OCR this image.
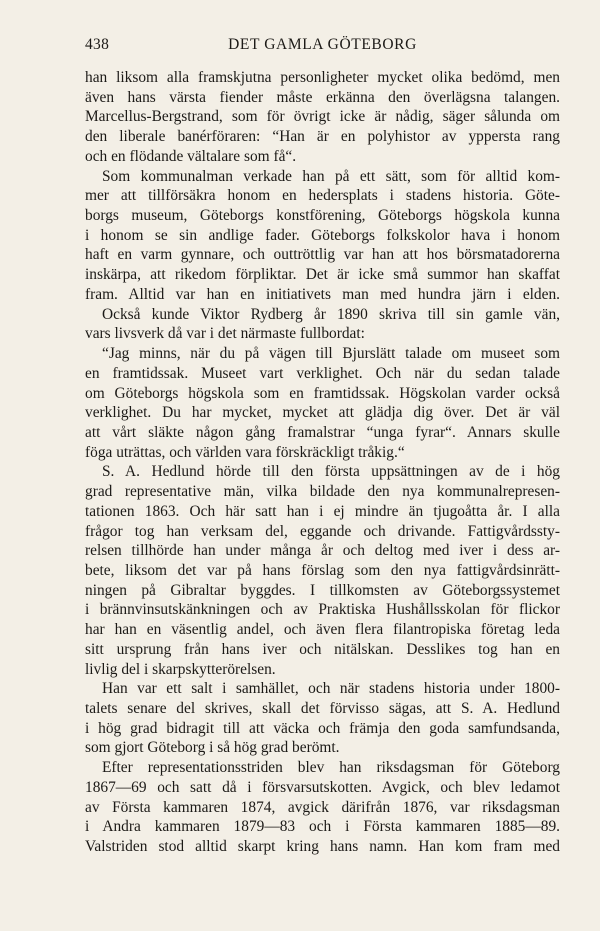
438	DET GAMLA GÖTEBORG
han liksom alla framskjutna personligheter mycket olika bedömd, men
även hans värsta fiender måste erkänna den överlägsna talangen.
Marcellus-Bergstrand, som för övrigt icke är nådig, säger sålunda om
den liberale banérföraren: “Han är en polyhistor av yppersta rang
och en flödande vältalare som få“.
Som kommunalman verkade han på ett sätt, som för alltid kom-
mer att tillförsäkra honom en hedersplats i stadens historia. Göte-
borgs museum, Göteborgs konstförening, Göteborgs högskola kunna
i honom se sin andlige fader. Göteborgs folkskolor hava i honom
haft en varm gynnare, och outtröttlig var han att hos börsmatadorerna
inskärpa, att rikedom förpliktar. Det är icke små summor han skaffat
fram. Alltid var han en initiativets man med hundra järn i elden.
Också kunde Viktor Rydberg år 1890 skriva till sin gamle vän,
vars livsverk då var i det närmaste fullbordat:
“Jag minns, när du på vägen till Bjurslätt talade om museet som
en framtidssak. Museet vart verklighet. Och när du sedan talade
om Göteborgs högskola som en framtidssak. Högskolan varder också
verklighet. Du har mycket, mycket att glädja dig över. Det är väl
att vårt släkte någon gång framalstrar “unga fyrar“. Annars skulle
föga uträttas, och världen vara förskräckligt tråkig.“
S. A. Hedlund hörde till den första uppsättningen av de i hög
grad representative män, vilka bildade den nya kommunalrepresen-
tationen 1863. Och här satt han i ej mindre än tjugoåtta år. I alla
frågor tog han verksam del, eggande och drivande. Fattigvårdssty-
relsen tillhörde han under många år och deltog med iver i dess ar-
bete, liksom det var på hans förslag som den nya fattigvårdsinrätt-
ningen på Gibraltar byggdes. I tillkomsten av Göteborgssystemet
i brännvinsutskänkningen och av Praktiska Hushållsskolan för flickor
har han en väsentlig andel, och även flera filantropiska företag leda
sitt ursprung från hans iver och nitälskan. Desslikes tog han en
livlig del i skarpskytterörelsen.
Han var ett salt i samhället, och när stadens historia under 1800-
talets senare del skrives, skall det förvisso sägas, att S. A. Hedlund
i hög grad bidragit till att väcka och främja den goda samfundsanda,
som gjort Göteborg i så hög grad berömt.
Efter representationsstriden blev han riksdagsman för Göteborg
1867—69 och satt då i försvarsutskotten. Avgick, och blev ledamot
av Första kammaren 1874, avgick därifrån 1876, var riksdagsman
i Andra kammaren 1879—83 och i Första kammaren 1885—89.
Valstriden stod alltid skarpt kring hans namn. Han kom fram med
